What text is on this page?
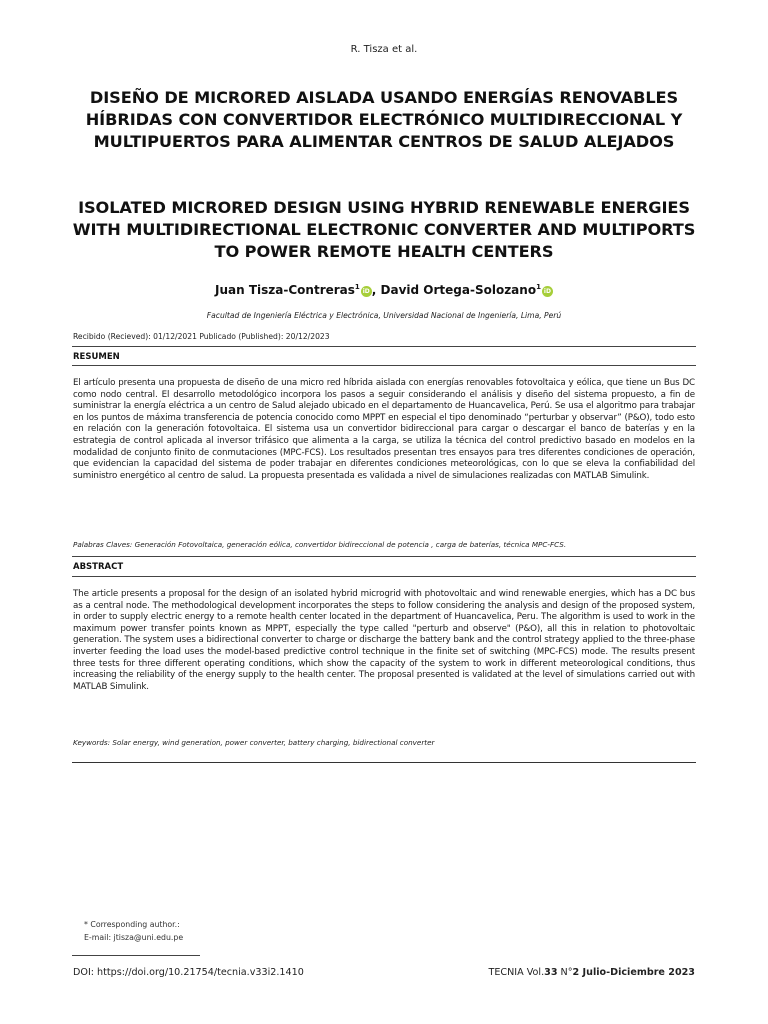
R. Tisza et al.
DISEÑO DE MICRORED AISLADA USANDO ENERGÍAS RENOVABLES HÍBRIDAS CON CONVERTIDOR ELECTRÓNICO MULTIDIRECCIONAL Y MULTIPUERTOS PARA ALIMENTAR CENTROS DE SALUD ALEJADOS
ISOLATED MICRORED DESIGN USING HYBRID RENEWABLE ENERGIES WITH MULTIDIRECTIONAL ELECTRONIC CONVERTER AND MULTIPORTS TO POWER REMOTE HEALTH CENTERS
Juan Tisza-Contreras$^1$iD , David Ortega-Solozano$^1$iD
Facultad de Ingeniería Eléctrica y Electrónica, Universidad Nacional de Ingeniería, Lima, Perú
Recibido (Recieved): 01/12/2021 Publicado (Published): 20/12/2023
RESUMEN
El artículo presenta una propuesta de diseño de una micro red híbrida aislada con energías renovables fotovoltaica y eólica, que tiene un Bus DC como nodo central. El desarrollo metodológico incorpora los pasos a seguir considerando el análisis y diseño del sistema propuesto, a fin de suministrar la energía eléctrica a un centro de Salud alejado ubicado en el departamento de Huancavelica, Perú. Se usa el algoritmo para trabajar en los puntos de máxima transferencia de potencia conocido como MPPT en especial el tipo denominado “perturbar y observar” (P&O), todo esto en relación con la generación fotovoltaica. El sistema usa un convertidor bidireccional para cargar o descargar el banco de baterías y en la estrategia de control aplicada al inversor trifásico que alimenta a la carga, se utiliza la técnica del control predictivo basado en modelos en la modalidad de conjunto finito de conmutaciones (MPC-FCS). Los resultados presentan tres ensayos para tres diferentes condiciones de operación, que evidencian la capacidad del sistema de poder trabajar en diferentes condiciones meteorológicas, con lo que se eleva la confiabilidad del suministro energético al centro de salud. La propuesta presentada es validada a nivel de simulaciones realizadas con MATLAB Simulink.
Palabras Claves: Generación Fotovoltaica, generación eólica, convertidor bidireccional de potencia , carga de baterías, técnica MPC-FCS.
ABSTRACT
The article presents a proposal for the design of an isolated hybrid microgrid with photovoltaic and wind renewable energies, which has a DC bus as a central node. The methodological development incorporates the steps to follow considering the analysis and design of the proposed system, in order to supply electric energy to a remote health center located in the department of Huancavelica, Peru. The algorithm is used to work in the maximum power transfer points known as MPPT, especially the type called "perturb and observe" (P&O), all this in relation to photovoltaic generation. The system uses a bidirectional converter to charge or discharge the battery bank and the control strategy applied to the three-phase inverter feeding the load uses the model-based predictive control technique in the finite set of switching (MPC-FCS) mode. The results present three tests for three different operating conditions, which show the capacity of the system to work in different meteorological conditions, thus increasing the reliability of the energy supply to the health center. The proposal presented is validated at the level of simulations carried out with MATLAB Simulink.
Keywords: Solar energy, wind generation, power converter, battery charging, bidirectional converter
* Corresponding author.:
E-mail: jtisza@uni.edu.pe
DOI: https://doi.org/10.21754/tecnia.v33i2.1410	TECNIA Vol.33 N°2 Julio-Diciembre 2023
